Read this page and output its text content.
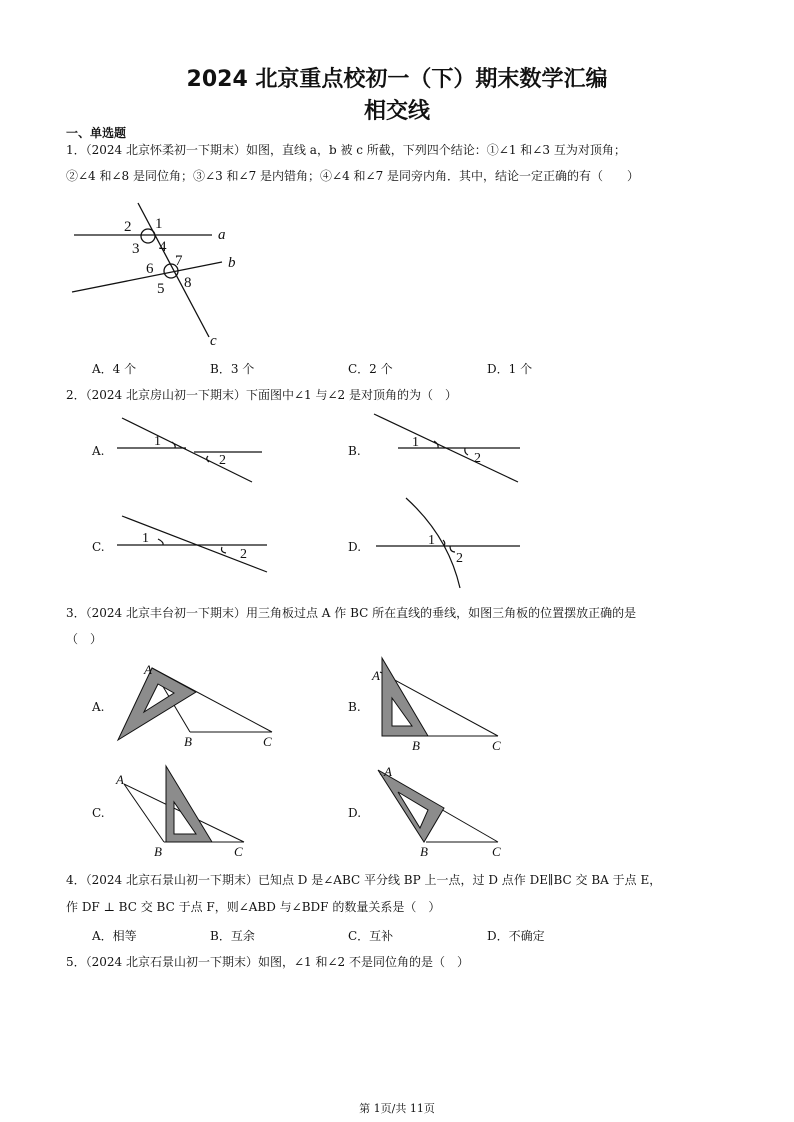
2024 北京重点校初一（下）期末数学汇编
相交线
一、单选题
1．（2024 北京怀柔初一下期末）如图，直线 a，b 被 c 所截，下列四个结论：①∠1 和∠3 互为对顶角；
②∠4 和∠8 是同位角；③∠3 和∠7 是内错角；④∠4 和∠7 是同旁内角．其中，结论一定正确的有（　　）
1
2
3 4
5
6 7
8
a
b
c
A．4 个	B．3 个	C．2 个	D．1 个
2．（2024 北京房山初一下期末）下面图中∠1 与∠2 是对顶角的为（　）
A.
1
2
B.
1
2
C.
1
2	D.	1
2
3．（2024 北京丰台初一下期末）用三角板过点 A 作 BC 所在直线的垂线，如图三角板的位置摆放正确的是
（　）
A.
A
B	C
B.
A
B	C
C.
A
B	C
D.
A
B	C
4．（2024 北京石景山初一下期末）已知点 D 是∠ABC 平分线 BP 上一点，过 D 点作 DE∥BC 交 BA 于点 E，
作 DF ⊥ BC 交 BC 于点 F，则∠ABD 与∠BDF 的数量关系是（　）
A．相等	B．互余	C．互补	D．不确定
5．（2024 北京石景山初一下期末）如图，∠1 和∠2 不是同位角的是（　）
第 1页/共 11页
